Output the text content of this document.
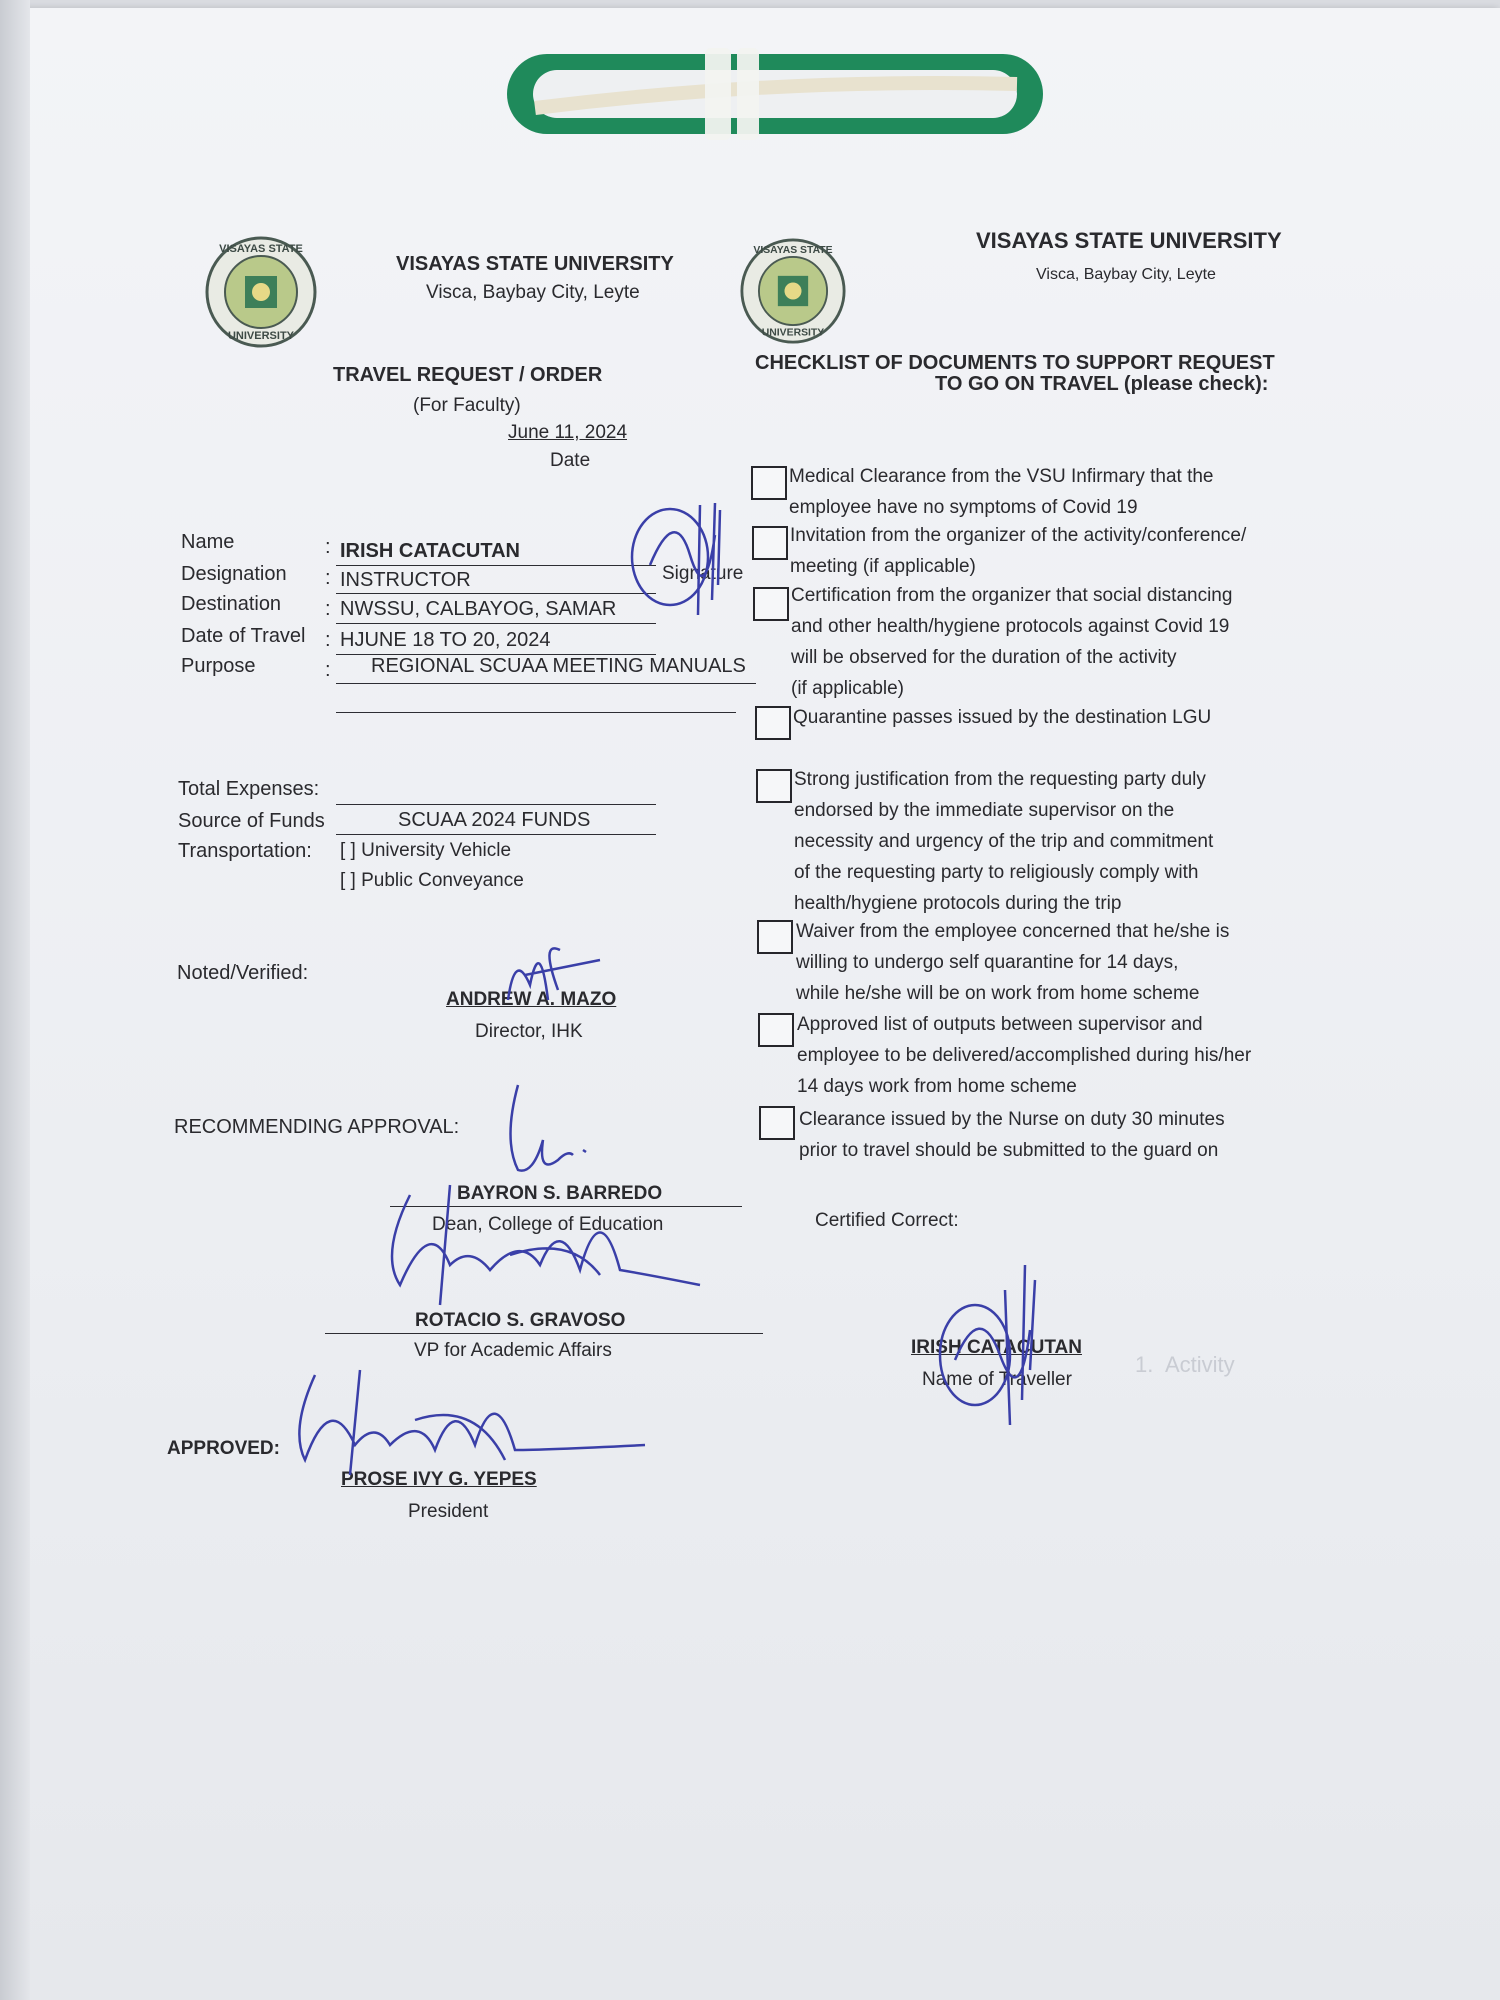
1. Activity
VISAYAS STATE
UNIVERSITY
VISAYAS STATE
UNIVERSITY
VISAYAS STATE UNIVERSITY
Visca, Baybay City, Leyte
VISAYAS STATE UNIVERSITY
Visca, Baybay City, Leyte
TRAVEL REQUEST / ORDER
(For Faculty)
June 11, 2024
Date
Name	: IRISH CATACUTAN
Designation : INSTRUCTOR	Signature
Destination : NWSSU, CALBAYOG, SAMAR
Date of Travel : HJUNE 18 TO 20, 2024
Purpose	: REGIONAL SCUAA MEETING MANUALS
Total Expenses:
Source of Funds	SCUAA 2024 FUNDS
Transportation: [ ] University Vehicle
[ ] Public Conveyance
Noted/Verified:
ANDREW A. MAZO
Director, IHK
RECOMMENDING APPROVAL:
BAYRON S. BARREDO
Dean, College of Education
ROTACIO S. GRAVOSO
VP for Academic Affairs
APPROVED:
PROSE IVY G. YEPES
President
CHECKLIST OF DOCUMENTS TO SUPPORT REQUEST
TO GO ON TRAVEL (please check):
Medical Clearance from the VSU Infirmary that the
employee have no symptoms of Covid 19
Invitation from the organizer of the activity/conference/
meeting (if applicable)
Certification from the organizer that social distancing
and other health/hygiene protocols against Covid 19
will be observed for the duration of the activity
(if applicable)
Quarantine passes issued by the destination LGU
Strong justification from the requesting party duly
endorsed by the immediate supervisor on the
necessity and urgency of the trip and commitment
of the requesting party to religiously comply with
health/hygiene protocols during the trip
Waiver from the employee concerned that he/she is
willing to undergo self quarantine for 14 days,
while he/she will be on work from home scheme
Approved list of outputs between supervisor and
employee to be delivered/accomplished during his/her
14 days work from home scheme
Clearance issued by the Nurse on duty 30 minutes
prior to travel should be submitted to the guard on
Certified Correct:
IRISH CATACUTAN
Name of Traveller
